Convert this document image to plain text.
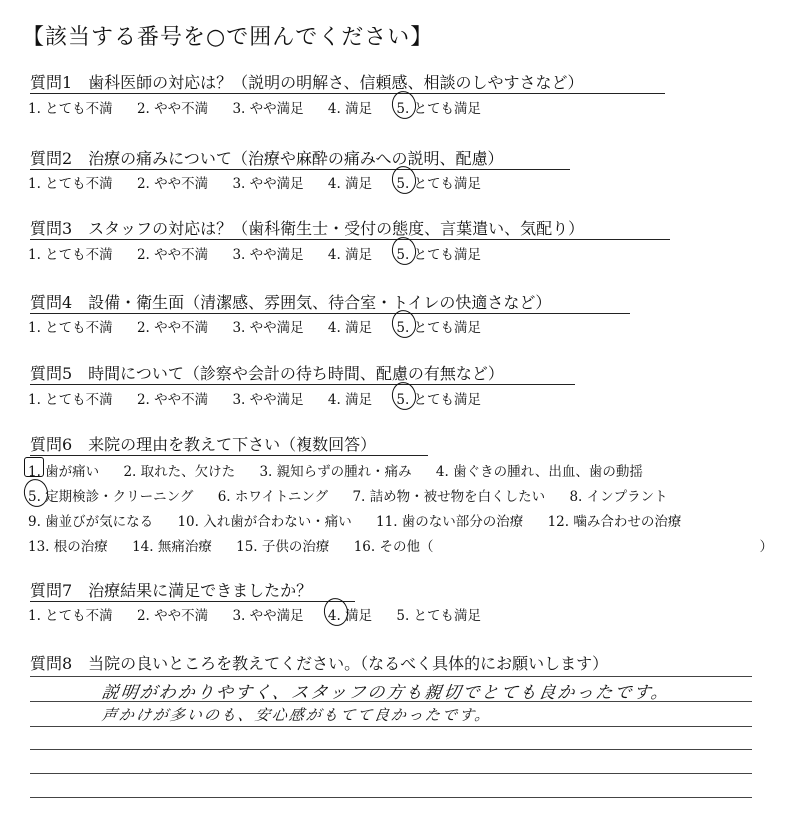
【該当する番号を○で囲んでください】
質問1　歯科医師の対応は？（説明の明解さ、信頼感、相談のしやすさなど）
1. とても不満 2. やや不満 3. やや満足 4. 満足 5. とても満足
質問2　治療の痛みについて（治療や麻酔の痛みへの説明、配慮）
1. とても不満 2. やや不満 3. やや満足 4. 満足 5. とても満足
質問3　スタッフの対応は？（歯科衛生士・受付の態度、言葉遣い、気配り）
1. とても不満 2. やや不満 3. やや満足 4. 満足 5. とても満足
質問4　設備・衛生面（清潔感、雰囲気、待合室・トイレの快適さなど）
1. とても不満 2. やや不満 3. やや満足 4. 満足 5. とても満足
質問5　時間について（診察や会計の待ち時間、配慮の有無など）
1. とても不満 2. やや不満 3. やや満足 4. 満足 5. とても満足
質問6　来院の理由を教えて下さい（複数回答）
1. 歯が痛い 2. 取れた、欠けた 3. 親知らずの腫れ・痛み 4. 歯ぐきの腫れ、出血、歯の動揺
5. 定期検診・クリーニング 6. ホワイトニング 7. 詰め物・被せ物を白くしたい 8. インプラント
9. 歯並びが気になる 10. 入れ歯が合わない・痛い 11. 歯のない部分の治療 12. 噛み合わせの治療
13. 根の治療 14. 無痛治療 15. 子供の治療 16. その他（	）
質問7　治療結果に満足できましたか？
1. とても不満 2. やや不満 3. やや満足 4. 満足 5. とても満足
質問8　当院の良いところを教えてください。（なるべく具体的にお願いします）
説明がわかりやすく、スタッフの方も親切でとても良かったです。
声かけが多いのも、安心感がもてて良かったです。
